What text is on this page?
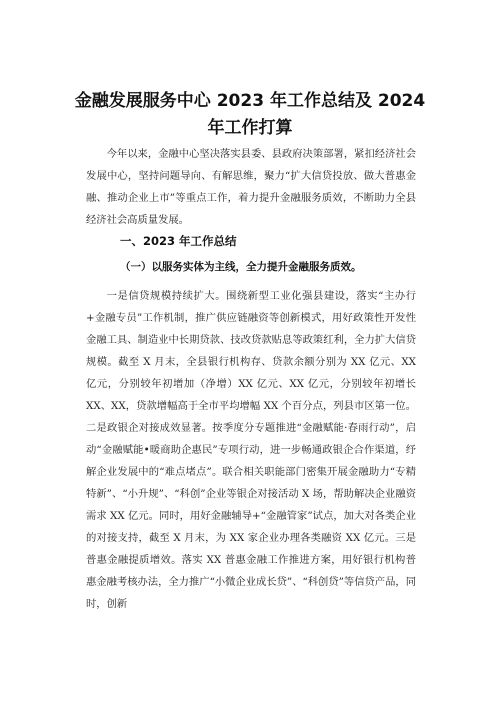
金融发展服务中心 2023 年工作总结及 2024
年工作打算

今年以来，金融中心坚决落实县委、县政府决策部署，紧扣经济社会发展中心，坚持问题导向、有解思维，聚力“扩大信贷投放、做大普惠金融、推动企业上市”等重点工作，着力提升金融服务质效，不断助力全县经济社会高质量发展。

一、2023 年工作总结
（一）以服务实体为主线，全力提升金融服务质效。

一是信贷规模持续扩大。围绕新型工业化强县建设，落实“主办行+金融专员”工作机制，推广供应链融资等创新模式，用好政策性开发性金融工具、制造业中长期贷款、技改贷款贴息等政策红利，全力扩大信贷规模。截至 X 月末，全县银行机构存、贷款余额分别为 XX 亿元、XX 亿元，分别较年初增加（净增）XX 亿元、XX 亿元，分别较年初增长 XX、XX，贷款增幅高于全市平均增幅 XX 个百分点，列县市区第一位。二是政银企对接成效显著。按季度分专题推进“金融赋能·春雨行动”，启动“金融赋能•暖商助企惠民”专项行动，进一步畅通政银企合作渠道，纾解企业发展中的“难点堵点”。联合相关职能部门密集开展金融助力“专精特新”、“小升规”、“科创”企业等银企对接活动 X 场，帮助解决企业融资需求 XX 亿元。同时，用好金融辅导+“金融管家”试点，加大对各类企业的对接支持，截至 X 月末，为 XX 家企业办理各类融资 XX 亿元。三是普惠金融提质增效。落实 XX 普惠金融工作推进方案，用好银行机构普惠金融考核办法，全力推广“小微企业成长贷”、“科创贷”等信贷产品，同时，创新
